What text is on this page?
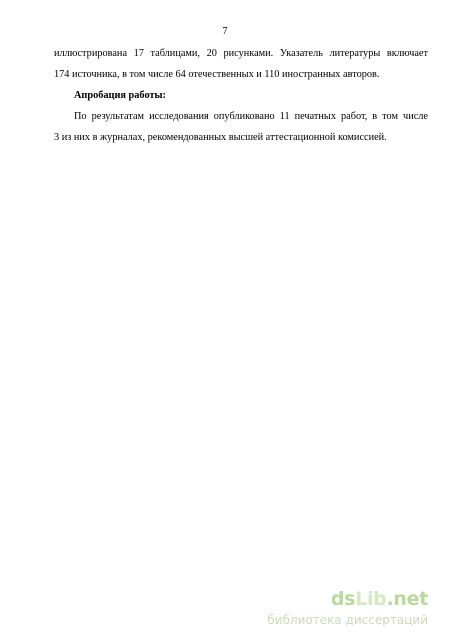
7
иллюстрирована 17 таблицами, 20 рисунками. Указатель литературы включает
174 источника, в том числе 64 отечественных и 110 иностранных авторов.
Апробация работы:
По результатам исследования опубликовано 11 печатных работ, в том числе
3 из них в журналах, рекомендованных высшей аттестационной комиссией.
dsLib.net
библиотека диссертаций
